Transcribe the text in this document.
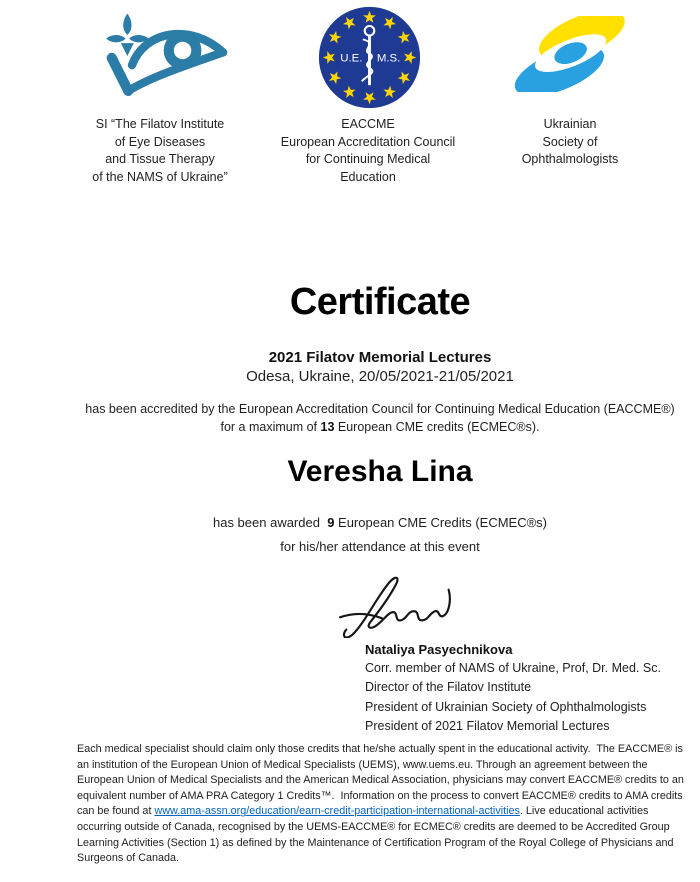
U.E. M.S.
SI “The Filatov Institute
of Eye Diseases
and Tissue Therapy
of the NAMS of Ukraine”
EACCME
European Accreditation Council
for Continuing Medical
Education
Ukrainian
Society of
Ophthalmologists
Certificate
2021 Filatov Memorial Lectures
Odesa, Ukraine, 20/05/2021-21/05/2021
has been accredited by the European Accreditation Council for Continuing Medical Education (EACCME®)
for a maximum of 13 European CME credits (ECMEC®s).
Veresha Lina
has been awarded  9 European CME Credits (ECMEC®s)
for his/her attendance at this event
Nataliya Pasyechnikova
Corr. member of NAMS of Ukraine, Prof, Dr. Med. Sc.
Director of the Filatov Institute
President of Ukrainian Society of Ophthalmologists
President of 2021 Filatov Memorial Lectures
Each medical specialist should claim only those credits that he/she actually spent in the educational activity.  The EACCME® is an institution of the European Union of Medical Specialists (UEMS), www.uems.eu. Through an agreement between the European Union of Medical Specialists and the American Medical Association, physicians may convert EACCME® credits to an equivalent number of AMA PRA Category 1 Credits™.  Information on the process to convert EACCME® credits to AMA credits can be found at www.ama-assn.org/education/earn-credit-participation-international-activities. Live educational activities occurring outside of Canada, recognised by the UEMS-EACCME® for ECMEC® credits are deemed to be Accredited Group Learning Activities (Section 1) as defined by the Maintenance of Certification Program of the Royal College of Physicians and Surgeons of Canada.
